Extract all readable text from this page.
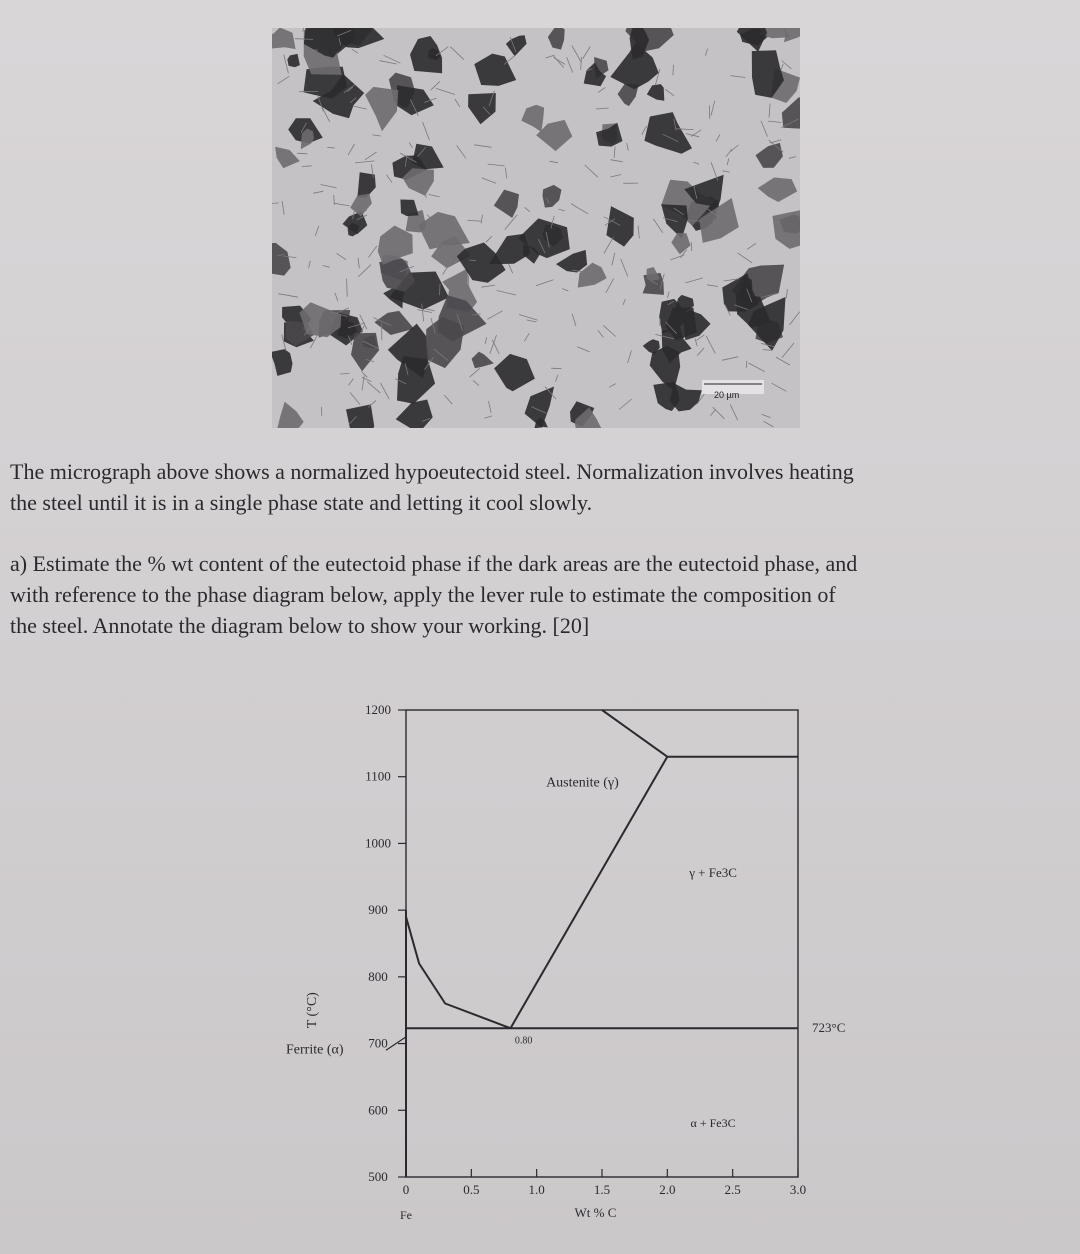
20 µm
The micrograph above shows a normalized hypoeutectoid steel. Normalization involves heating
the steel until it is in a single phase state and letting it cool slowly.
a) Estimate the % wt content of the eutectoid phase if the dark areas are the eutectoid phase, and
with reference to the phase diagram below, apply the lever rule to estimate the composition of
the steel. Annotate the diagram below to show your working. [20]
1200
1100
1000
900
800
700
600
500
0	0.5	1.0	1.5	2.0	2.5	3.0
Austenite (γ)
γ + Fe3C
α + Fe3C
723°C
0.80
Ferrite (α)
T (°C)
Wt % C
Fe
